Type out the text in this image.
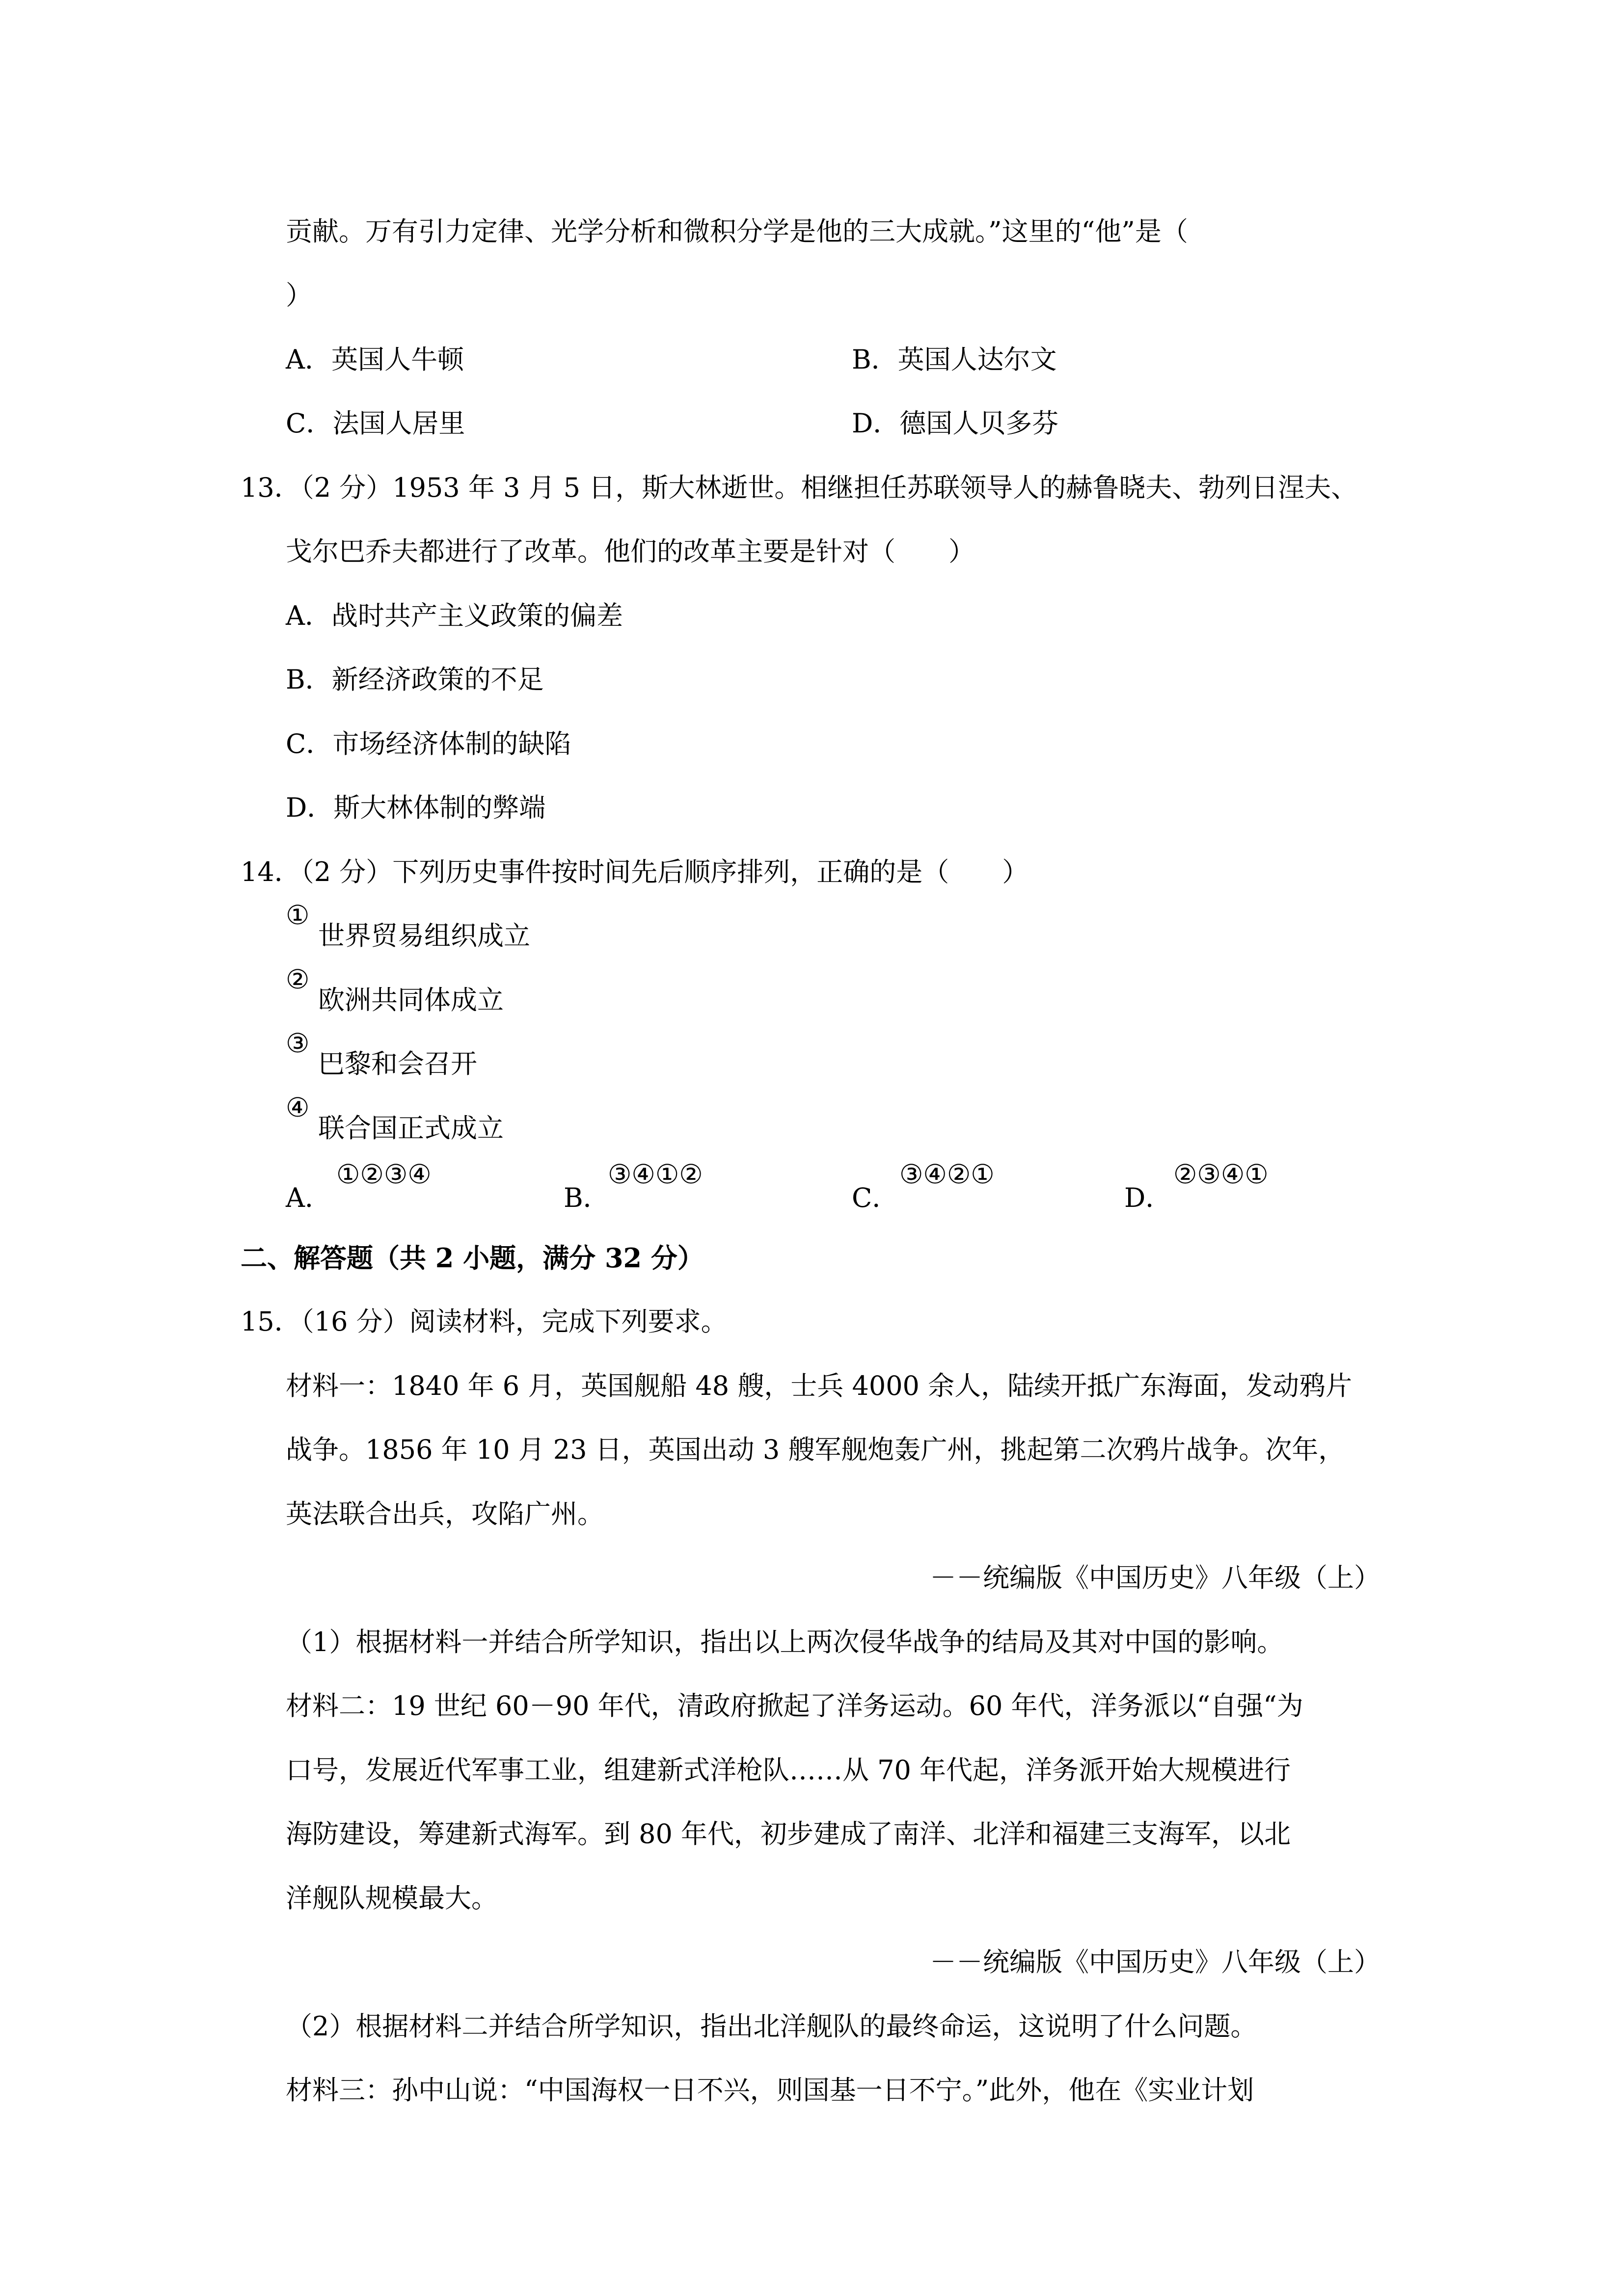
贡献。万有引力定律、光学分析和微积分学是他的三大成就。”这里的“他”是（
）
A．英国人牛顿	B．英国人达尔文
C．法国人居里	D．德国人贝多芬
13．（2 分）1953 年 3 月 5 日，斯大林逝世。相继担任苏联领导人的赫鲁晓夫、勃列日涅夫、
戈尔巴乔夫都进行了改革。他们的改革主要是针对（　　）
A．战时共产主义政策的偏差
B．新经济政策的不足
C．市场经济体制的缺陷
D．斯大林体制的弊端
14．（2 分）下列历史事件按时间先后顺序排列，正确的是（　　）
①
世界贸易组织成立
②
欧洲共同体成立
③
巴黎和会召开
④
联合国正式成立
A．
①②③④
B．
③④①②
C．
③④②①
D．
②③④①
二、解答题（共 2 小题，满分 32 分）
15．（16 分）阅读材料，完成下列要求。
材料一：1840 年 6 月，英国舰船 48 艘，士兵 4000 余人，陆续开抵广东海面，发动鸦片
战争。1856 年 10 月 23 日，英国出动 3 艘军舰炮轰广州，挑起第二次鸦片战争。次年，
英法联合出兵，攻陷广州。
－－统编版《中国历史》八年级（上）
（1）根据材料一并结合所学知识，指出以上两次侵华战争的结局及其对中国的影响。
材料二：19 世纪 60－90 年代，清政府掀起了洋务运动。60 年代，洋务派以“自强“为
口号，发展近代军事工业，组建新式洋枪队……从 70 年代起，洋务派开始大规模进行
海防建设，筹建新式海军。到 80 年代，初步建成了南洋、北洋和福建三支海军，以北
洋舰队规模最大。
－－统编版《中国历史》八年级（上）
（2）根据材料二并结合所学知识，指出北洋舰队的最终命运，这说明了什么问题。
材料三：孙中山说：“中国海权一日不兴，则国基一日不宁。”此外，他在《实业计划
